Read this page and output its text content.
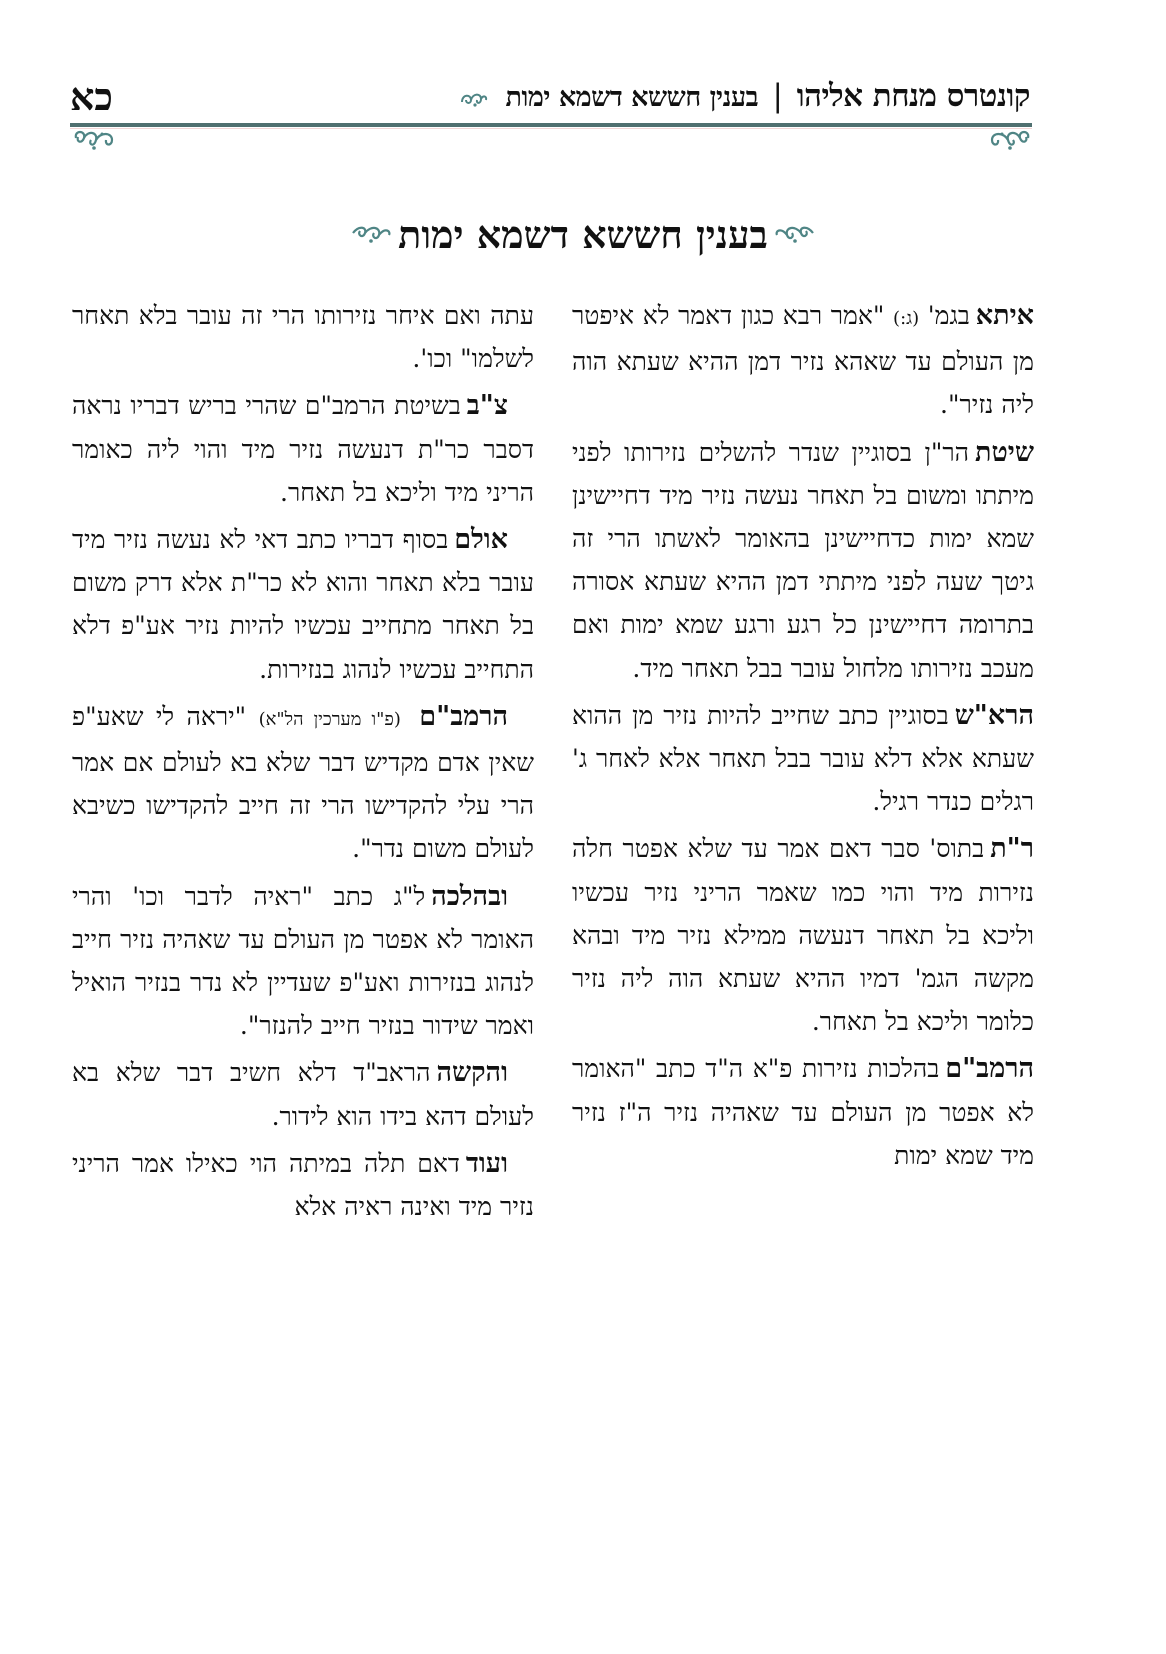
קונטרס מנחת אליהו | בענין חששא דשמא ימות
כא
בענין חששא דשמא ימות

איתאבגמ' (ג:) "אמר רבא כגון דאמר לא איפטר מן העולם עד שאהא נזיר דמן ההיא שעתא הוה ליה נזיר".

שיטתהר"ן בסוגיין שנדר להשלים נזירותו לפני מיתתו ומשום בל תאחר נעשה נזיר מיד דחיישינן שמא ימות כדחיישינן בהאומר לאשתו הרי זה גיטך שעה לפני מיתתי דמן ההיא שעתא אסורה בתרומה דחיישינן כל רגע ורגע שמא ימות ואם מעכב נזירותו מלחול עובר בבל תאחר מיד.

הרא"שבסוגיין כתב שחייב להיות נזיר מן ההוא שעתא אלא דלא עובר בבל תאחר אלא לאחר ג' רגלים כנדר רגיל.

ר"תבתוס' סבר דאם אמר עד שלא אפטר חלה נזירות מיד והוי כמו שאמר הריני נזיר עכשיו וליכא בל תאחר דנעשה ממילא נזיר מיד ובהא מקשה הגמ' דמיו ההיא שעתא הוה ליה נזיר כלומר וליכא בל תאחר.

הרמב"םבהלכות נזירות פ"א ה"ד כתב "האומר לא אפטר מן העולם עד שאהיה נזיר ה"ז נזיר מיד שמא ימות

עתה ואם איחר נזירותו הרי זה עובר בלא תאחר לשלמו" וכו'.

צ"בבשיטת הרמב"ם שהרי בריש דבריו נראה דסבר כר"ת דנעשה נזיר מיד והוי ליה כאומר הריני מיד וליכא בל תאחר.

אולםבסוף דבריו כתב דאי לא נעשה נזיר מיד עובר בלא תאחר והוא לא כר"ת אלא דרק משום בל תאחר מתחייב עכשיו להיות נזיר אע"פ דלא התחייב עכשיו לנהוג בנזירות.

הרמב"ם (פ"ו מערכין הל"א) "יראה לי שאע"פ שאין אדם מקדיש דבר שלא בא לעולם אם אמר הרי עלי להקדישו הרי זה חייב להקדישו כשיבא לעולם משום נדר".

ובהלכהל"ג כתב "ראיה לדבר וכו' והרי האומר לא אפטר מן העולם עד שאהיה נזיר חייב לנהוג בנזירות ואע"פ שעדיין לא נדר בנזיר הואיל ואמר שידור בנזיר חייב להנזר".

והקשההראב"ד דלא חשיב דבר שלא בא לעולם דהא בידו הוא לידור.

ועודדאם תלה במיתה הוי כאילו אמר הריני נזיר מיד ואינה ראיה אלא
